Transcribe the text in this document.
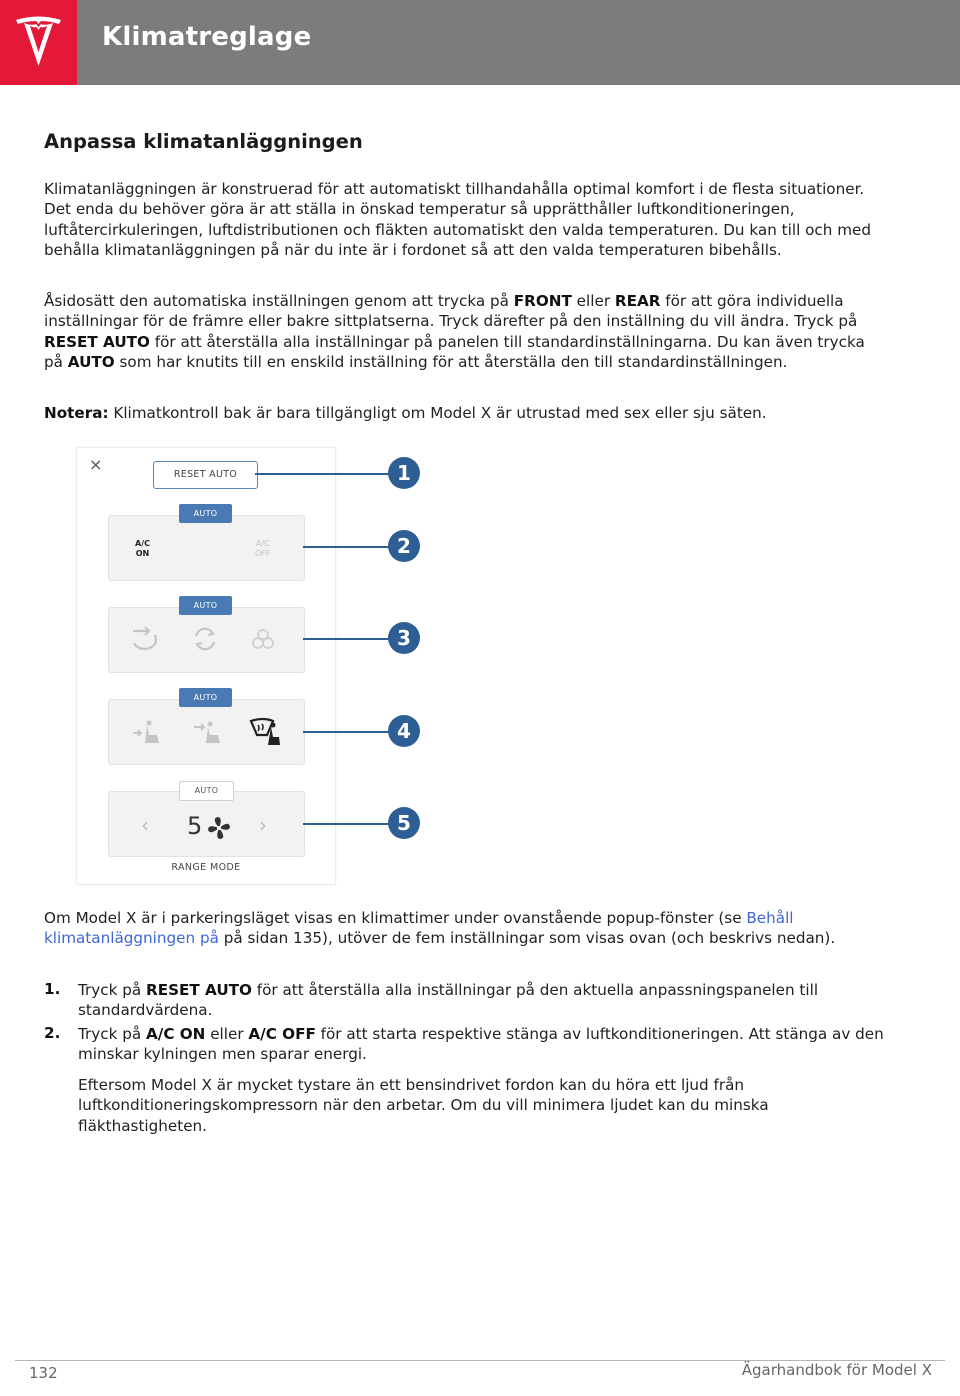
Klimatreglage
Anpassa klimatanläggningen

Klimatanläggningen är konstruerad för att automatiskt tillhandahålla optimal komfort i de flesta situationer. Det enda du behöver göra är att ställa in önskad temperatur så upprätthåller luftkonditioneringen, luftåtercirkuleringen, luftdistributionen och fläkten automatiskt den valda temperaturen. Du kan till och med behålla klimatanläggningen på när du inte är i fordonet så att den valda temperaturen bibehålls.

Åsidosätt den automatiska inställningen genom att trycka på FRONT eller REAR för att göra individuella inställningar för de främre eller bakre sittplatserna. Tryck därefter på den inställning du vill ändra. Tryck på RESET AUTO för att återställa alla inställningar på panelen till standardinställningarna. Du kan även trycka på AUTO som har knutits till en enskild inställning för att återställa den till standardinställningen.

Notera: Klimatkontroll bak är bara tillgängligt om Model X är utrustad med sex eller sju säten.

×
RESET AUTO
AUTO
A/C
ON
A/C
OFF
AUTO
AUTO
AUTO
‹ 5	›
RANGE MODE
1
2
3
4
5

Om Model X är i parkeringsläget visas en klimattimer under ovanstående popup-fönster (se Behåll klimatanläggningen på på sidan 135), utöver de fem inställningar som visas ovan (och beskrivs nedan).

1. Tryck på RESET AUTO för att återställa alla inställningar på den aktuella anpassningspanelen till standardvärdena.

2. Tryck på A/C ON eller A/C OFF för att starta respektive stänga av luftkonditioneringen. Att stänga av den minskar kylningen men sparar energi.

Eftersom Model X är mycket tystare än ett bensindrivet fordon kan du höra ett ljud från luftkonditioneringskompressorn när den arbetar. Om du vill minimera ljudet kan du minska fläkthastigheten.

132	Ägarhandbok för Model X
